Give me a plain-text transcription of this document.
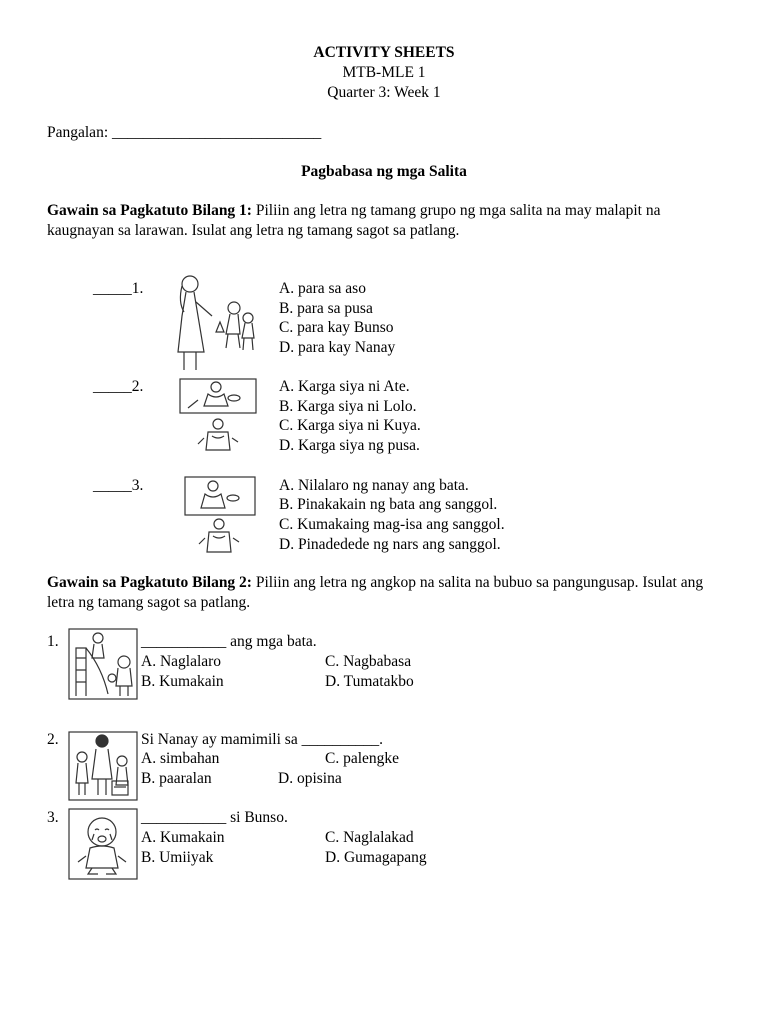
ACTIVITY SHEETS
MTB-MLE 1
Quarter 3: Week 1
Pangalan: ___________________________
Pagbabasa ng mga Salita
Gawain sa Pagkatuto Bilang 1: Piliin ang letra ng tamang grupo ng mga salita na may malapit na kaugnayan sa larawan. Isulat ang letra ng tamang sagot sa patlang.
_____1.	A. para sa aso
B. para sa pusa
C. para kay Bunso
D. para kay Nanay
_____2.	A. Karga siya ni Ate.
B. Karga siya ni Lolo.
C. Karga siya ni Kuya.
D. Karga siya ng pusa.
_____3.	A. Nilalaro ng nanay ang bata.
B. Pinakakain ng bata ang sanggol.
C. Kumakaing mag-isa ang sanggol.
D. Pinadedede ng nars ang sanggol.
Gawain sa Pagkatuto Bilang 2: Piliin ang letra ng angkop na salita na bubuo sa pangungusap. Isulat ang letra ng tamang sagot sa patlang.
1.	___________ ang mga bata.
A. Naglalaro	C. Nagbabasa
B. Kumakain	D. Tumatakbo
2.	Si Nanay ay mamimili sa __________.
A. simbahan	C. palengke
B. paaralan	D. opisina
3.	___________ si Bunso.
A. Kumakain	C. Naglalakad
B. Umiiyak	D. Gumagapang
